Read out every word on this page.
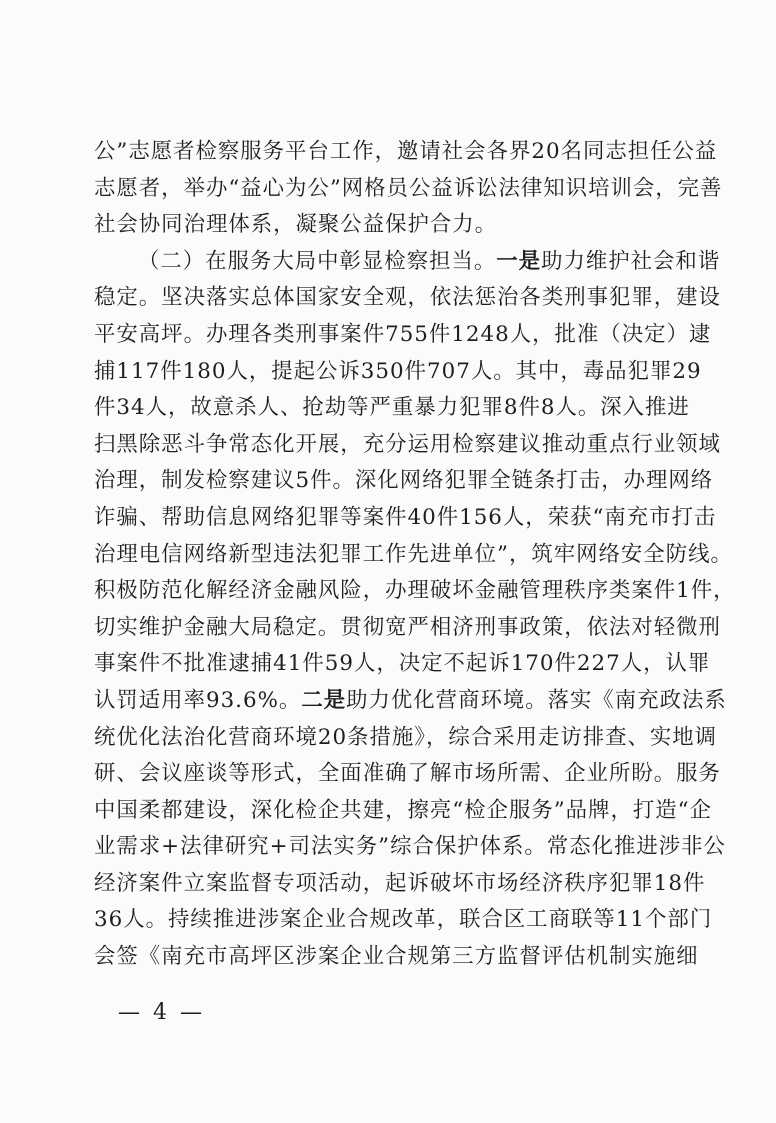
公”志愿者检察服务平台工作，邀请社会各界20名同志担任公益
志愿者，举办“益心为公”网格员公益诉讼法律知识培训会，完善
社会协同治理体系，凝聚公益保护合力。
（二）在服务大局中彰显检察担当。一是助力维护社会和谐
稳定。坚决落实总体国家安全观，依法惩治各类刑事犯罪，建设
平安高坪。办理各类刑事案件755件1248人，批准（决定）逮
捕117件180人，提起公诉350件707人。其中，毒品犯罪29
件34人，故意杀人、抢劫等严重暴力犯罪8件8人。深入推进
扫黑除恶斗争常态化开展，充分运用检察建议推动重点行业领域
治理，制发检察建议5件。深化网络犯罪全链条打击，办理网络
诈骗、帮助信息网络犯罪等案件40件156人，荣获“南充市打击
治理电信网络新型违法犯罪工作先进单位”，筑牢网络安全防线。
积极防范化解经济金融风险，办理破坏金融管理秩序类案件1件，
切实维护金融大局稳定。贯彻宽严相济刑事政策，依法对轻微刑
事案件不批准逮捕41件59人，决定不起诉170件227人，认罪
认罚适用率93.6%。二是助力优化营商环境。落实《南充政法系
统优化法治化营商环境20条措施》，综合采用走访排查、实地调
研、会议座谈等形式，全面准确了解市场所需、企业所盼。服务
中国柔都建设，深化检企共建，擦亮“检企服务”品牌，打造“企
业需求+法律研究+司法实务”综合保护体系。常态化推进涉非公
经济案件立案监督专项活动，起诉破坏市场经济秩序犯罪18件
36人。持续推进涉案企业合规改革，联合区工商联等11个部门
会签《南充市高坪区涉案企业合规第三方监督评估机制实施细
— 4 —
